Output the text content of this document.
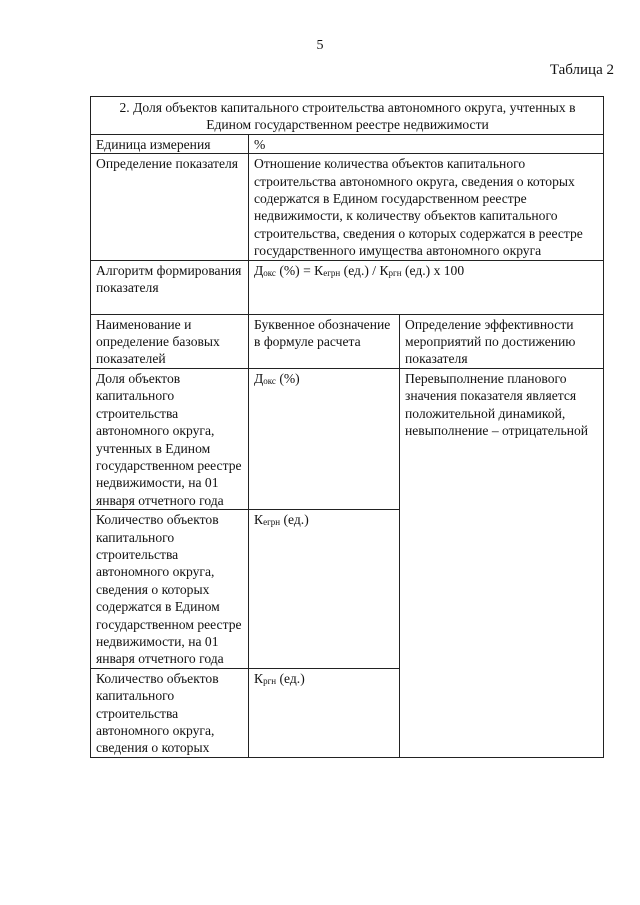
5
Таблица 2
2. Доля объектов капитального строительства автономного округа, учтенных в Едином государственном реестре недвижимости		
Единица измерения	%	
Определение показателя	Отношение количества объектов капитального строительства автономного округа, сведения о которых содержатся в Едином государственном реестре недвижимости, к количеству объектов капитального строительства, сведения о которых содержатся в реестре государственного имущества автономного округа	
Алгоритм формирования показателя	$Д_{окс}$ (%) = $К_{егрн}$ $(ед.) / К_{ргн}$ (ед.) х 100	
Наименование и определение базовых показателей	Буквенное обозначение в формуле расчета	Определение эффективности мероприятий по достижению показателя
Доля объектов капитального строительства автономного округа, учтенных в Едином государственном реестре недвижимости, на 01 января отчетного года	$Д_{окс}$ (%)	Перевыполнение планового значения показателя является положительной динамикой, невыполнение – отрицательной
Количество объектов капитального строительства автономного округа, сведения о которых содержатся в Едином государственном реестре недвижимости, на 01 января отчетного года	$К_{егрн}$ (ед.)	
Количество объектов капитального строительства автономного округа, сведения о которых	$К_{ргн}$ (ед.)	
